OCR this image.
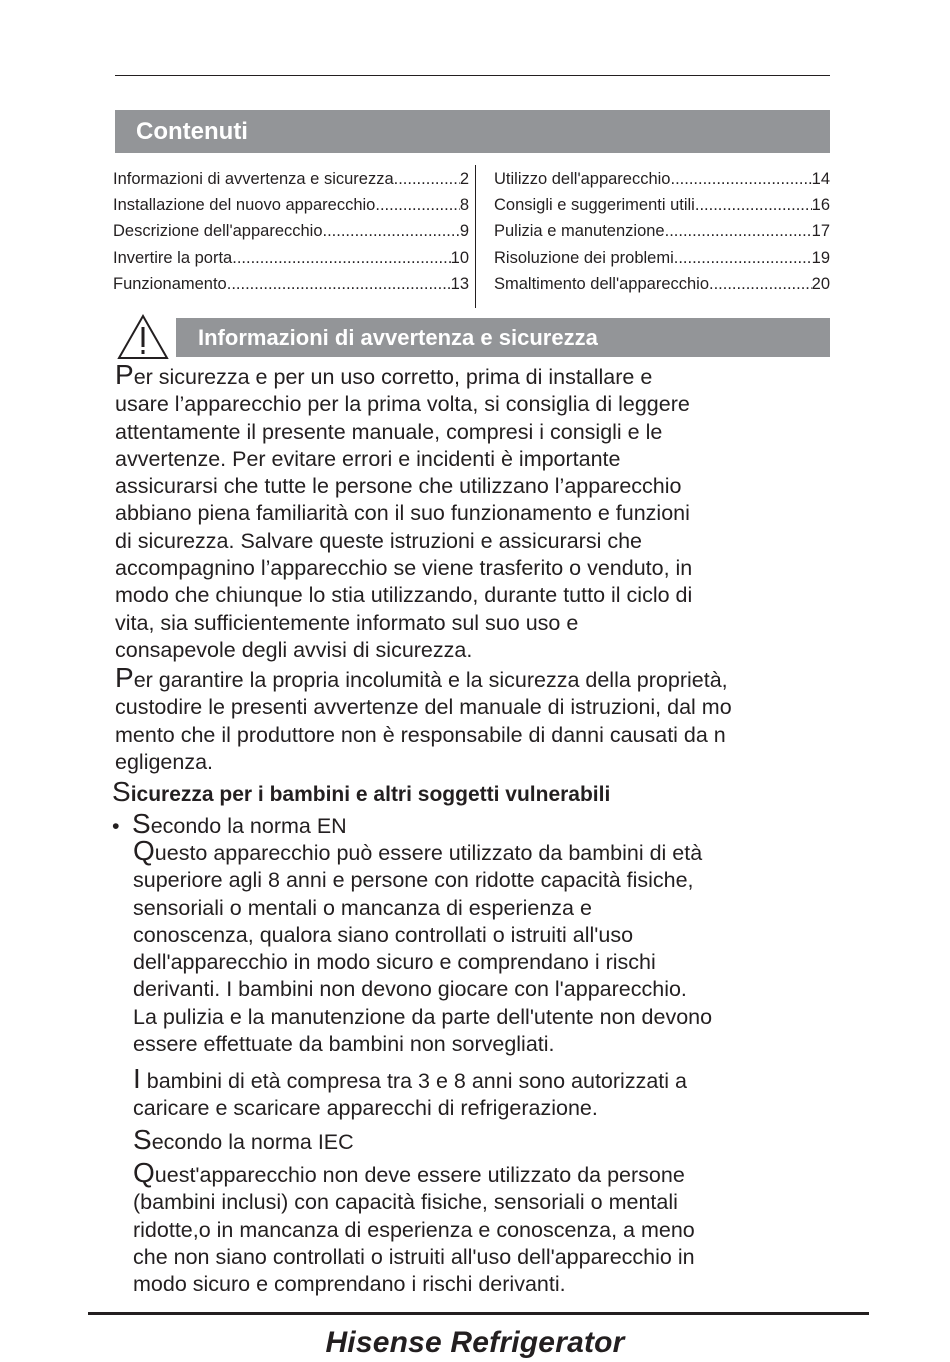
Contenuti
Informazioni di avvertenza e sicurezza .....	2
Installazione del nuovo apparecchio .....	8
Descrizione dell'apparecchio .....	9
Invertire la porta .....	10
Funzionamento .....	13
Utilizzo dell'apparecchio .....	14
Consigli e suggerimenti utili .....	16
Pulizia e manutenzione .....	17
Risoluzione dei problemi .....	19
Smaltimento dell'apparecchio .....	20
Informazioni di avvertenza e sicurezza

Per sicurezza e per un uso corretto, prima di installare e
usare l’apparecchio per la prima volta, si consiglia di leggere
attentamente il presente manuale, compresi i consigli e le
avvertenze. Per evitare errori e incidenti è importante
assicurarsi che tutte le persone che utilizzano l’apparecchio
abbiano piena familiarità con il suo funzionamento e funzioni
di sicurezza. Salvare queste istruzioni e assicurarsi che
accompagnino l’apparecchio se viene trasferito o venduto, in
modo che chiunque lo stia utilizzando, durante tutto il ciclo di
vita, sia sufficientemente informato sul suo uso e
consapevole degli avvisi di sicurezza.

Per garantire la propria incolumità e la sicurezza della proprietà,
custodire le presenti avvertenze del manuale di istruzioni, dal mo
mento che il produttore non è responsabile di danni causati da n
egligenza.

Sicurezza per i bambini e altri soggetti vulnerabili
• Secondo la norma EN

Questo apparecchio può essere utilizzato da bambini di età
superiore agli 8 anni e persone con ridotte capacità fisiche,
sensoriali o mentali o mancanza di esperienza e
conoscenza, qualora siano controllati o istruiti all'uso
dell'apparecchio in modo sicuro e comprendano i rischi
derivanti. I bambini non devono giocare con l'apparecchio.
La pulizia e la manutenzione da parte dell'utente non devono
essere effettuate da bambini non sorvegliati.

I bambini di età compresa tra 3 e 8 anni sono autorizzati a
caricare e scaricare apparecchi di refrigerazione.

Secondo la norma IEC

Quest'apparecchio non deve essere utilizzato da persone
(bambini inclusi) con capacità fisiche, sensoriali o mentali
ridotte,o in mancanza di esperienza e conoscenza, a meno
che non siano controllati o istruiti all'uso dell'apparecchio in
modo sicuro e comprendano i rischi derivanti.

Hisense Refrigerator
